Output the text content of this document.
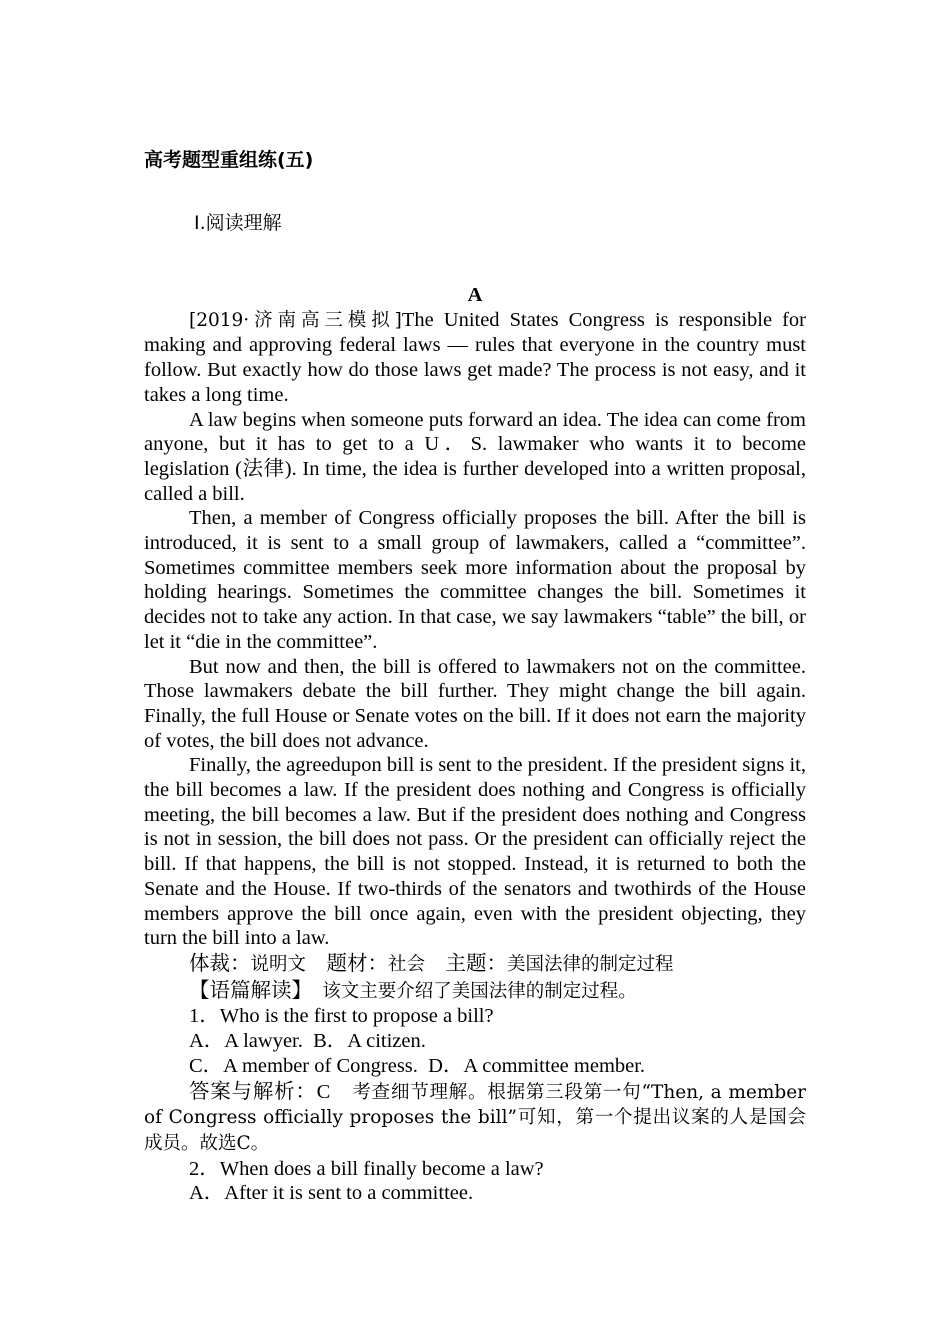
高考题型重组练(五)
Ⅰ.阅读理解
A

[2019·济南高三模拟]The United States Congress is responsible for making and approving federal laws — rules that everyone in the country must follow. But exactly how do those laws get made? The process is not easy, and it takes a long time.

A law begins when someone puts forward an idea. The idea can come from anyone, but it has to get to a U．S. lawmaker who wants it to become legislation (法律). In time, the idea is further developed into a written proposal, called a bill.

Then, a member of Congress officially proposes the bill. After the bill is introduced, it is sent to a small group of lawmakers, called a “committee”. Sometimes committee members seek more information about the proposal by holding hearings. Sometimes the committee changes the bill. Sometimes it decides not to take any action. In that case, we say lawmakers “table” the bill, or let it “die in the committee”.

But now and then, the bill is offered to lawmakers not on the committee. Those lawmakers debate the bill further. They might change the bill again. Finally, the full House or Senate votes on the bill. If it does not earn the majority of votes, the bill does not advance.

Finally, the agreedupon bill is sent to the president. If the president signs it, the bill becomes a law. If the president does nothing and Congress is officially meeting, the bill becomes a law. But if the president does nothing and Congress is not in session, the bill does not pass. Or the president can officially reject the bill. If that happens, the bill is not stopped. Instead, it is returned to both the Senate and the House. If two-thirds of the senators and twothirds of the House members approve the bill once again, even with the president objecting, they turn the bill into a law.

体裁：说明文　 题材：社会　 主题：美国法律的制定过程

【语篇解读】　 该文主要介绍了美国法律的制定过程。

1．Who is the first to propose a bill?

A．A lawyer.  B．A citizen.

C．A member of Congress.  D．A committee member.

答案与解析：C　 考查细节理解。根据第三段第一句“Then, a member of Congress officially proposes the bill”可知，第一个提出议案的人是国会成员。故选C。

2．When does a bill finally become a law?

A．After it is sent to a committee.
